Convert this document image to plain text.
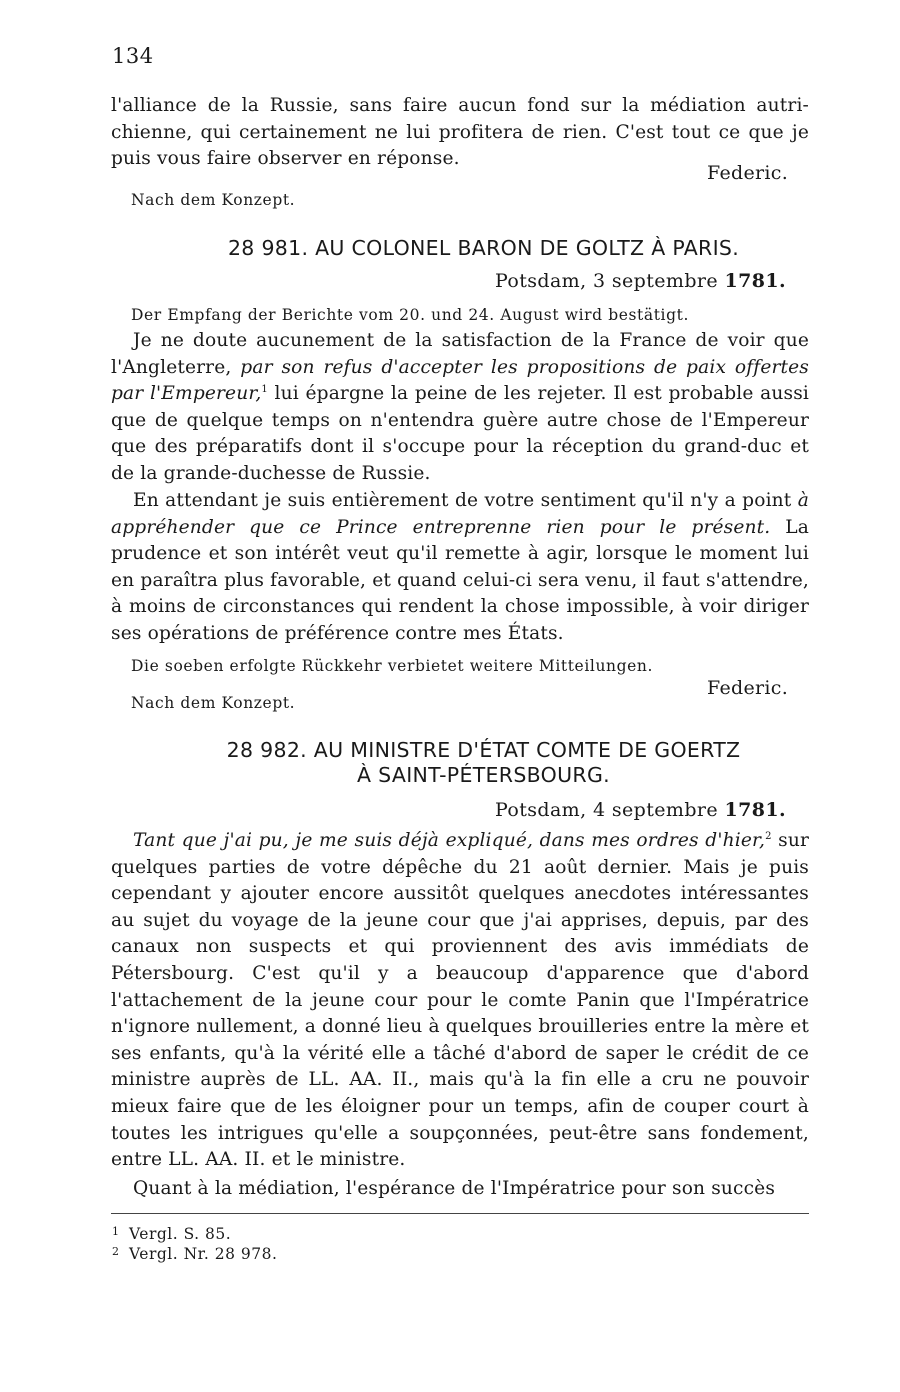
134
l'alliance de la Russie, sans faire aucun fond sur la médiation autri-
chienne, qui certainement ne lui profitera de rien. C'est tout ce que je
puis vous faire observer en réponse.
Federic.
Nach dem Konzept.
28 981. AU COLONEL BARON DE GOLTZ À PARIS.
Potsdam, 3 septembre 1781.
Der Empfang der Berichte vom 20. und 24. August wird bestätigt.
Je ne doute aucunement de la satisfaction de la France de voir que l'Angleterre, par son refus d'accepter les propositions de paix offertes par l'Empereur,$^1$ lui épargne la peine de les rejeter. Il est probable aussi que de quelque temps on n'entendra guère autre chose de l'Empereur que des préparatifs dont il s'occupe pour la réception du grand-duc et de la grande-duchesse de Russie.
En attendant je suis entièrement de votre sentiment qu'il n'y a point à appréhender que ce Prince entreprenne rien pour le présent. La prudence et son intérêt veut qu'il remette à agir, lorsque le moment lui en paraîtra plus favorable, et quand celui-ci sera venu, il faut s'attendre, à moins de circonstances qui rendent la chose impossible, à voir diriger ses opérations de préférence contre mes États.
Die soeben erfolgte Rückkehr verbietet weitere Mitteilungen.
Federic.
Nach dem Konzept.
28 982. AU MINISTRE D'ÉTAT COMTE DE GOERTZ
À SAINT-PÉTERSBOURG.
Potsdam, 4 septembre 1781.
Tant que j'ai pu, je me suis déjà expliqué, dans mes ordres d'hier,$^2$ sur quelques parties de votre dépêche du 21 août dernier. Mais je puis cependant y ajouter encore aussitôt quelques anecdotes intéressantes au sujet du voyage de la jeune cour que j'ai apprises, depuis, par des canaux non suspects et qui proviennent des avis immédiats de Pétersbourg. C'est qu'il y a beaucoup d'apparence que d'abord l'attachement de la jeune cour pour le comte Panin que l'Impératrice n'ignore nullement, a donné lieu à quelques brouilleries entre la mère et ses enfants, qu'à la vérité elle a tâché d'abord de saper le crédit de ce ministre auprès de LL. AA. II., mais qu'à la fin elle a cru ne pouvoir mieux faire que de les éloigner pour un temps, afin de couper court à toutes les intrigues qu'elle a soupçonnées, peut-être sans fondement, entre LL. AA. II. et le ministre.
Quant à la médiation, l'espérance de l'Impératrice pour son succès
1 Vergl. S. 85.
2 Vergl. Nr. 28 978.
